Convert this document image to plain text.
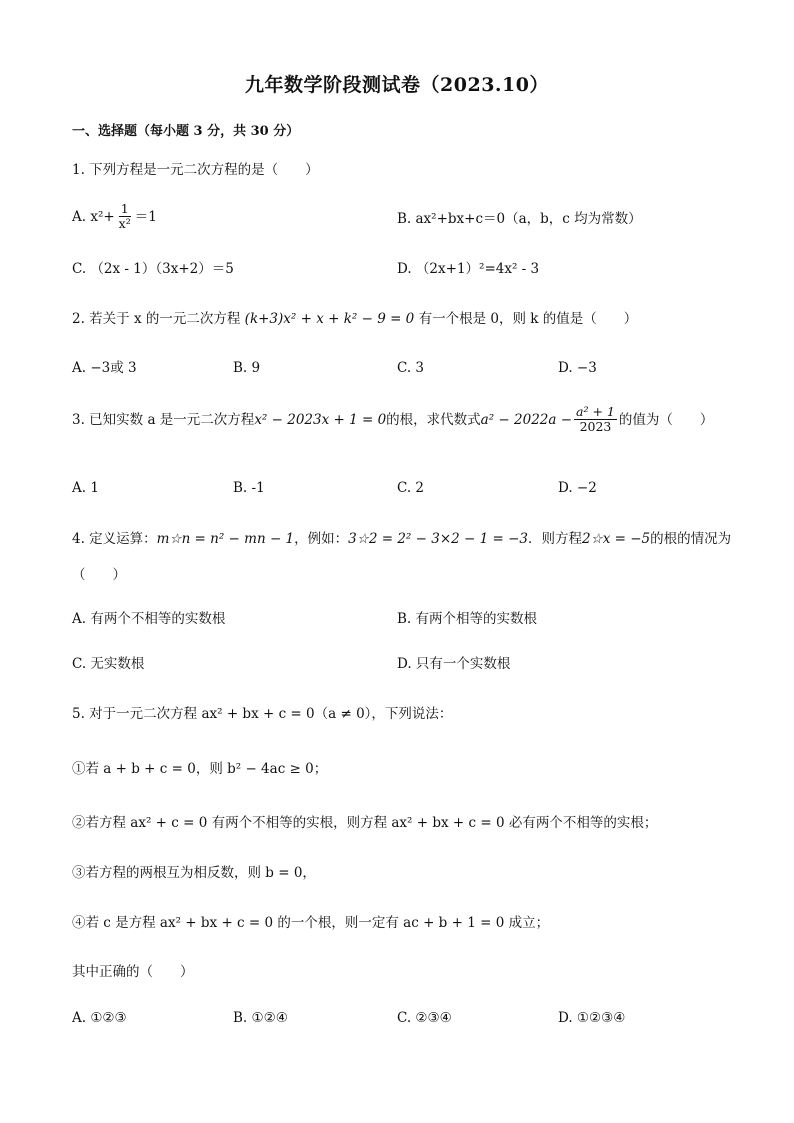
九年数学阶段测试卷（2023.10）
一、选择题（每小题 3 分，共 30 分）
1. 下列方程是一元二次方程的是（　　）
A. $x^2+ \frac{1}{\text{x²}} =1$	B. ax²+bx+c＝0（a，b，c 均为常数）
C. （2x - 1）（3x+2）＝5	D. （2x+1）²=4x² - 3
2. 若关于 x 的一元二次方程 (k+3)x² + x + k² − 9 = 0 有一个根是 0，则 k 的值是（　　）
A. −3或 3	B. 9	C. 3	D. −3
3. 已知实数 a 是一元二次方程 x² − 2023x + 1 = 0 的根，求代数式 $a^2 - 2022a - \frac{\text{a² + 1}}{2023}$ 的值为（　　）
A. 1	B. -1	C. 2	D. −2
4. 定义运算：m☆n = n² − mn − 1，例如：3☆2 = 2² − 3×2 − 1 = −3．则方程2☆x = −5的根的情况为
（　　）
A. 有两个不相等的实数根	B. 有两个相等的实数根
C. 无实数根	D. 只有一个实数根
5. 对于一元二次方程 ax² + bx + c = 0（a ≠ 0），下列说法：
①若 a + b + c = 0，则 b² − 4ac ≥ 0；
②若方程 ax² + c = 0 有两个不相等的实根，则方程 ax² + bx + c = 0 必有两个不相等的实根；
③若方程的两根互为相反数，则 b = 0，
④若 c 是方程 ax² + bx + c = 0 的一个根，则一定有 ac + b + 1 = 0 成立；
其中正确的（　　）
A. ①②③	B. ①②④	C. ②③④	D. ①②③④
